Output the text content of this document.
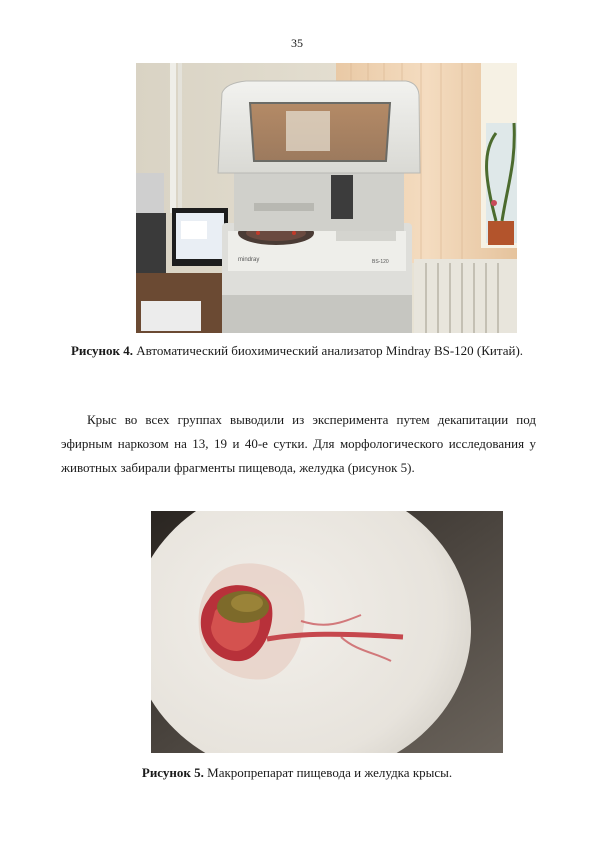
35
mindray	BS-120
Рисунок 4. Автоматический биохимический анализатор Mindray BS-120 (Китай).

Крыс во всех группах выводили из эксперимента путем декапитации под эфирным наркозом на 13, 19 и 40-е сутки. Для морфологического исследования у животных забирали фрагменты пищевода, желудка (рисунок 5).

Рисунок 5. Макропрепарат пищевода и желудка крысы.
